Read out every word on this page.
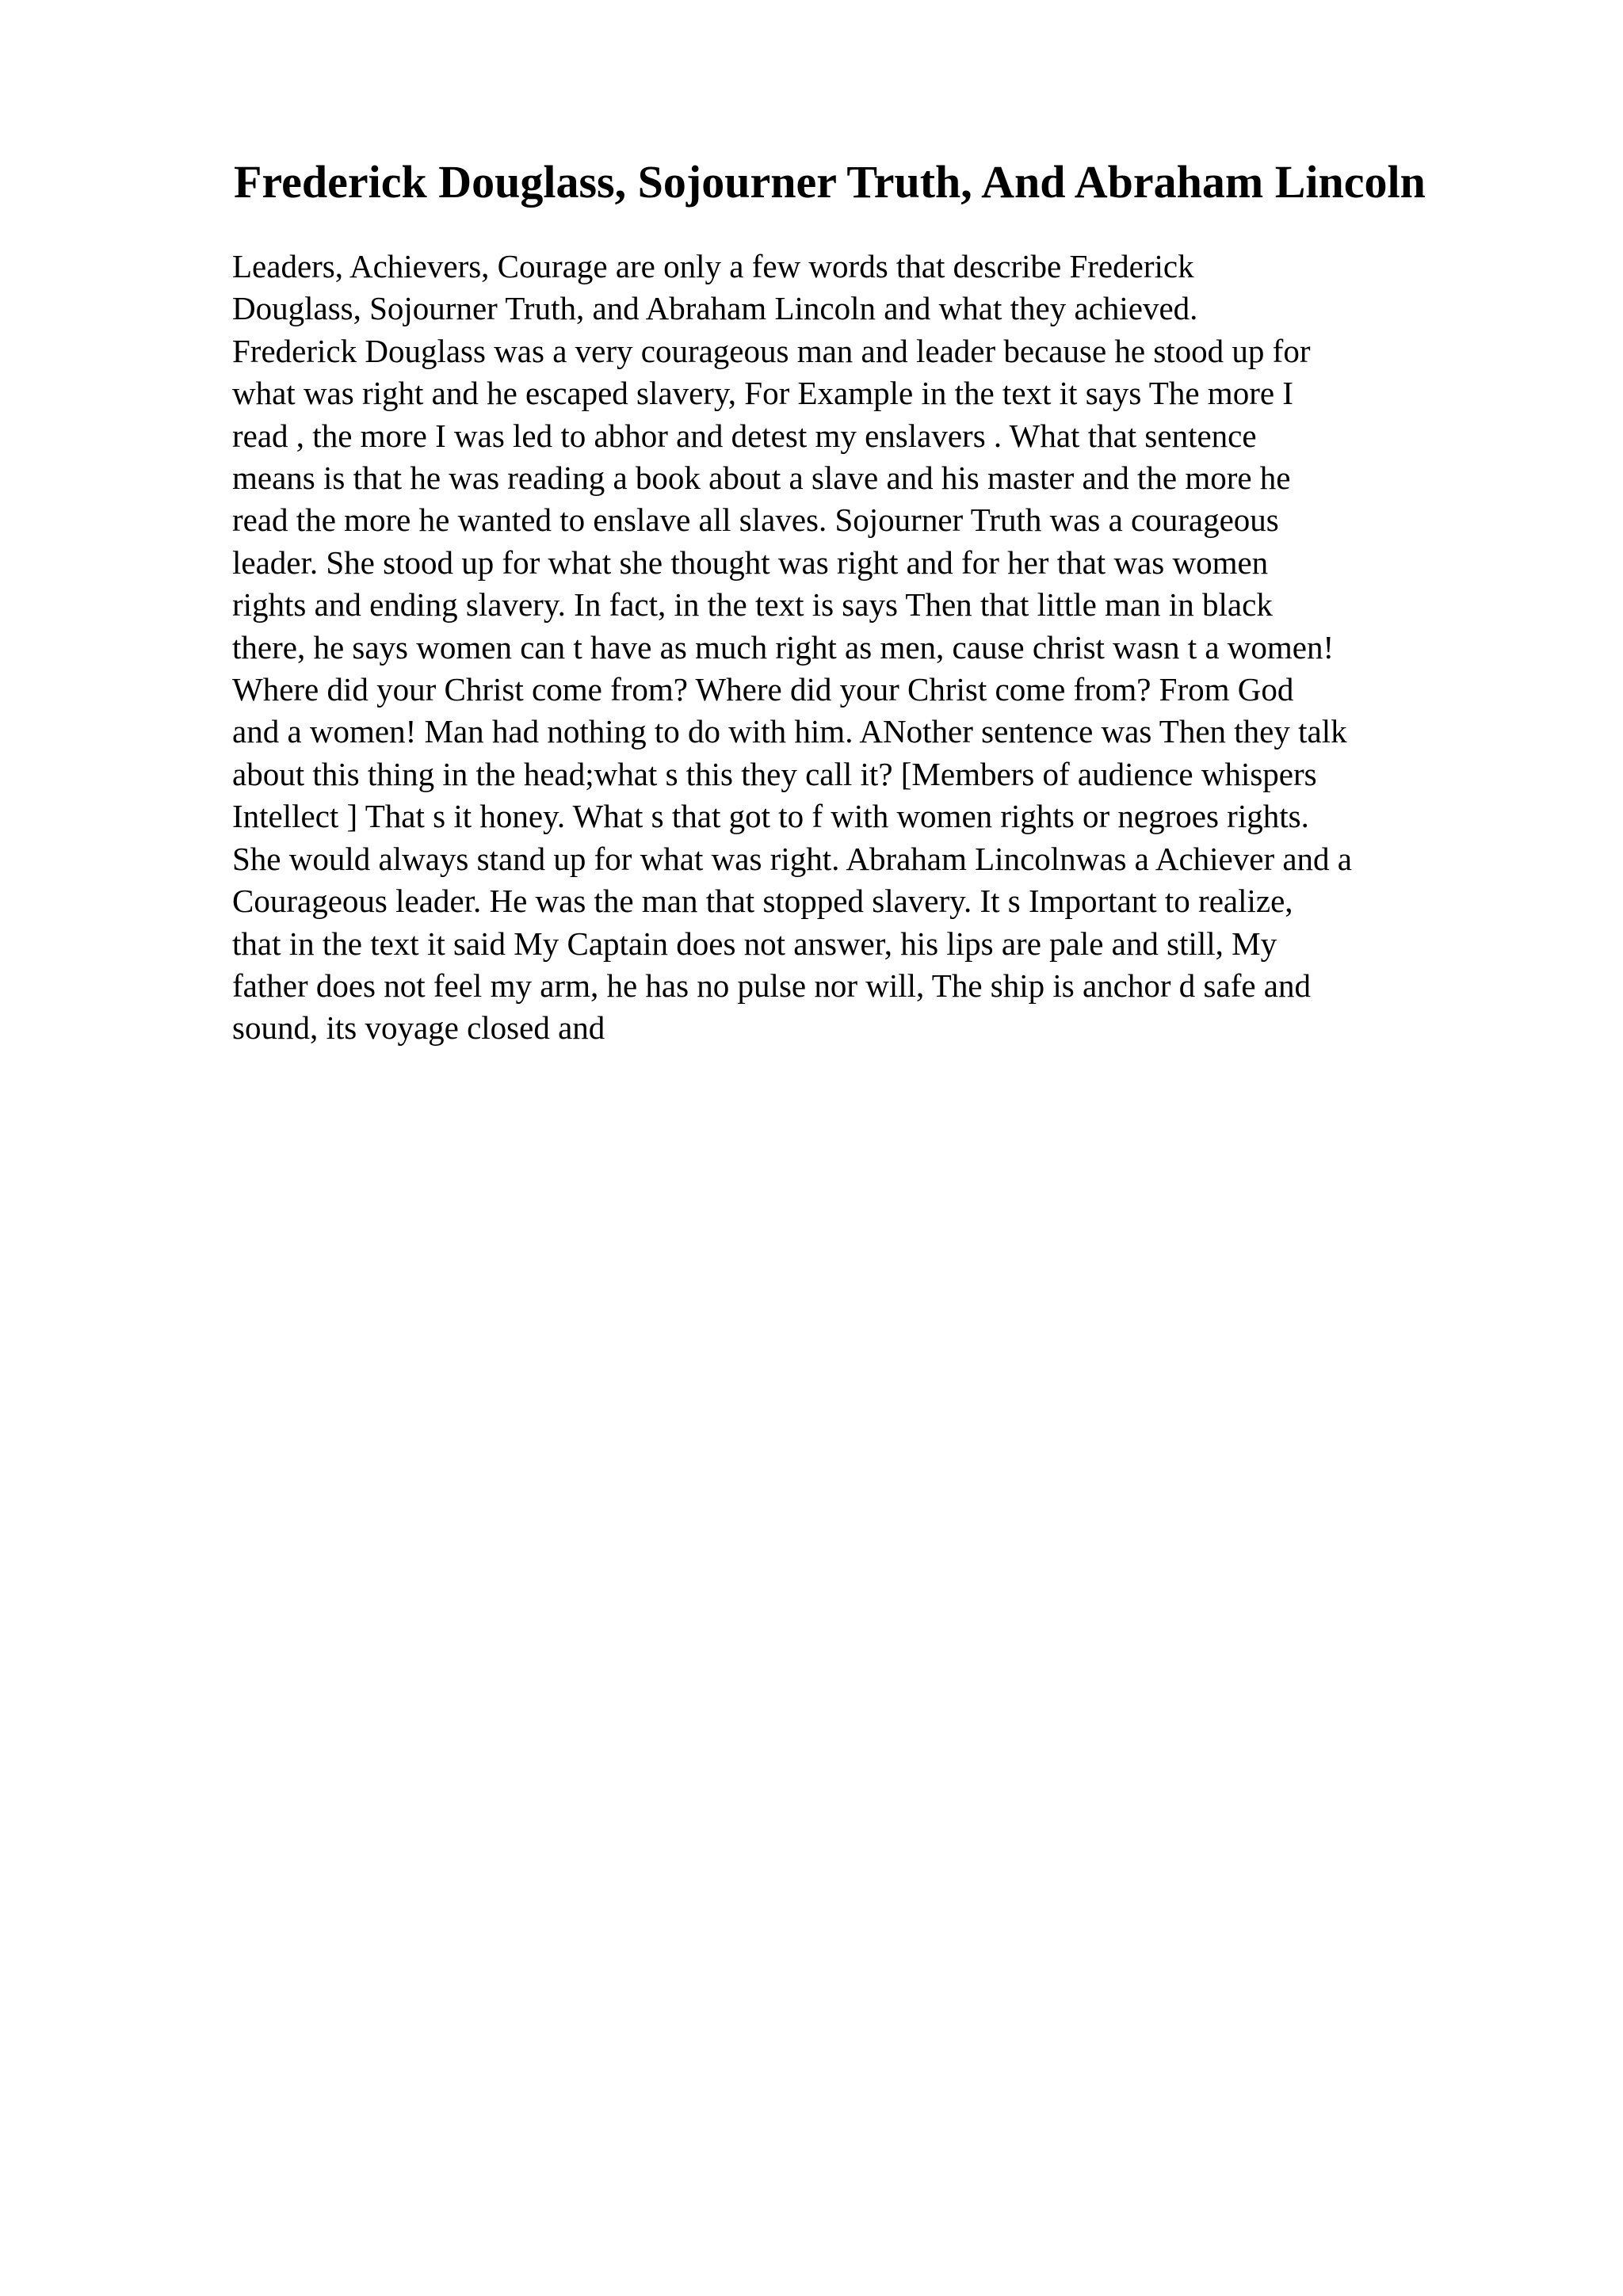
Frederick Douglass, Sojourner Truth, And Abraham Lincoln
Leaders, Achievers, Courage are only a few words that describe Frederick
Douglass, Sojourner Truth, and Abraham Lincoln and what they achieved.
Frederick Douglass was a very courageous man and leader because he stood up for
what was right and he escaped slavery, For Example in the text it says The more I
read , the more I was led to abhor and detest my enslavers . What that sentence
means is that he was reading a book about a slave and his master and the more he
read the more he wanted to enslave all slaves. Sojourner Truth was a courageous
leader. She stood up for what she thought was right and for her that was women
rights and ending slavery. In fact, in the text is says Then that little man in black
there, he says women can t have as much right as men, cause christ wasn t a women!
Where did your Christ come from? Where did your Christ come from? From God
and a women! Man had nothing to do with him. ANother sentence was Then they talk
about this thing in the head;what s this they call it? [Members of audience whispers
Intellect ] That s it honey. What s that got to f with women rights or negroes rights.
She would always stand up for what was right. Abraham Lincolnwas a Achiever and a
Courageous leader. He was the man that stopped slavery. It s Important to realize,
that in the text it said My Captain does not answer, his lips are pale and still, My
father does not feel my arm, he has no pulse nor will, The ship is anchor d safe and
sound, its voyage closed and
